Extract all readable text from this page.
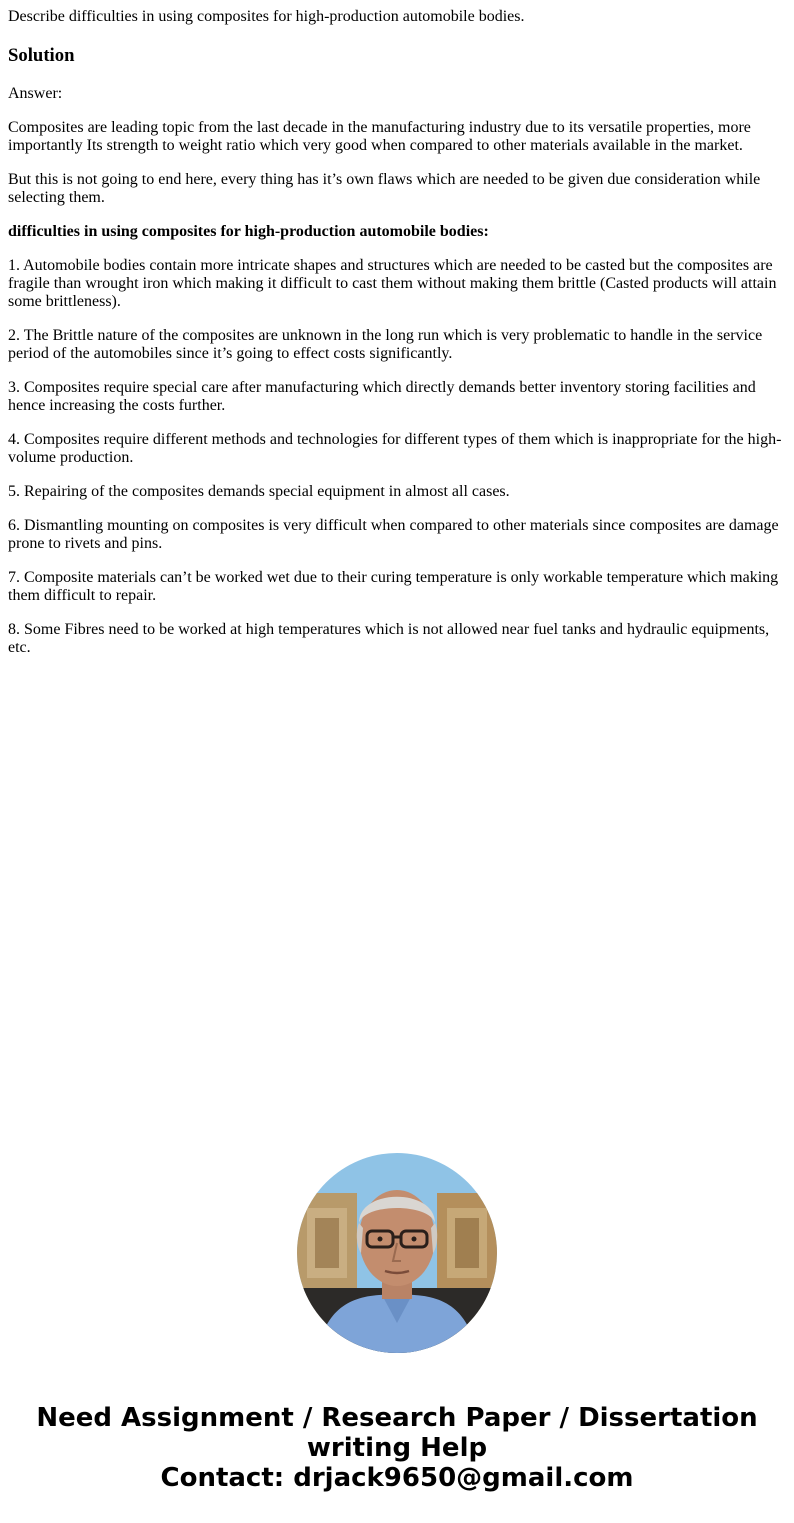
Describe difficulties in using composites for high-production automobile bodies.

Solution

Answer:

Composites are leading topic from the last decade in the manufacturing industry due to its versatile properties, more importantly Its strength to weight ratio which very good when compared to other materials available in the market.

But this is not going to end here, every thing has it’s own flaws which are needed to be given due consideration while selecting them.

difficulties in using composites for high-production automobile bodies:

1. Automobile bodies contain more intricate shapes and structures which are needed to be casted but the composites are fragile than wrought iron which making it difficult to cast them without making them brittle (Casted products will attain some brittleness).

2. The Brittle nature of the composites are unknown in the long run which is very problematic to handle in the service period of the automobiles since it’s going to effect costs significantly.

3. Composites require special care after manufacturing which directly demands better inventory storing facilities and hence increasing the costs further.

4. Composites require different methods and technologies for different types of them which is inappropriate for the high-volume production.

5. Repairing of the composites demands special equipment in almost all cases.

6. Dismantling mounting on composites is very difficult when compared to other materials since composites are damage prone to rivets and pins.

7. Composite materials can’t be worked wet due to their curing temperature is only workable temperature which making them difficult to repair.

8. Some Fibres need to be worked at high temperatures which is not allowed near fuel tanks and hydraulic equipments, etc.

Need Assignment / Research Paper / Dissertation writing Help
Contact: drjack9650@gmail.com
